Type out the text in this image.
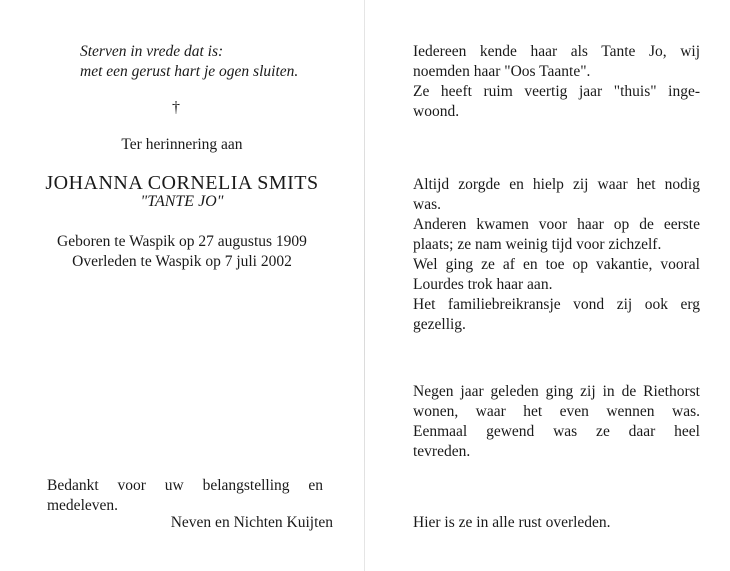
Sterven in vrede dat is:
met een gerust hart je ogen sluiten.
†
Ter herinnering aan
JOHANNA CORNELIA SMITS
"TANTE JO"
Geboren te Waspik op 27 augustus 1909
Overleden te Waspik op 7 juli 2002
Bedankt voor uw belangstelling en medeleven.
Neven en Nichten Kuijten
Iedereen kende haar als Tante Jo, wij
noemden haar "Oos Taante".
Ze heeft ruim veertig jaar "thuis" inge-
woond.
Altijd zorgde en hielp zij waar het nodig
was.
Anderen kwamen voor haar op de eerste
plaats; ze nam weinig tijd voor zichzelf.
Wel ging ze af en toe op vakantie, vooral
Lourdes trok haar aan.
Het familiebreikransje vond zij ook erg
gezellig.
Negen jaar geleden ging zij in de Riethorst
wonen, waar het even wennen was.
Eenmaal gewend was ze daar heel
tevreden.
Hier is ze in alle rust overleden.
